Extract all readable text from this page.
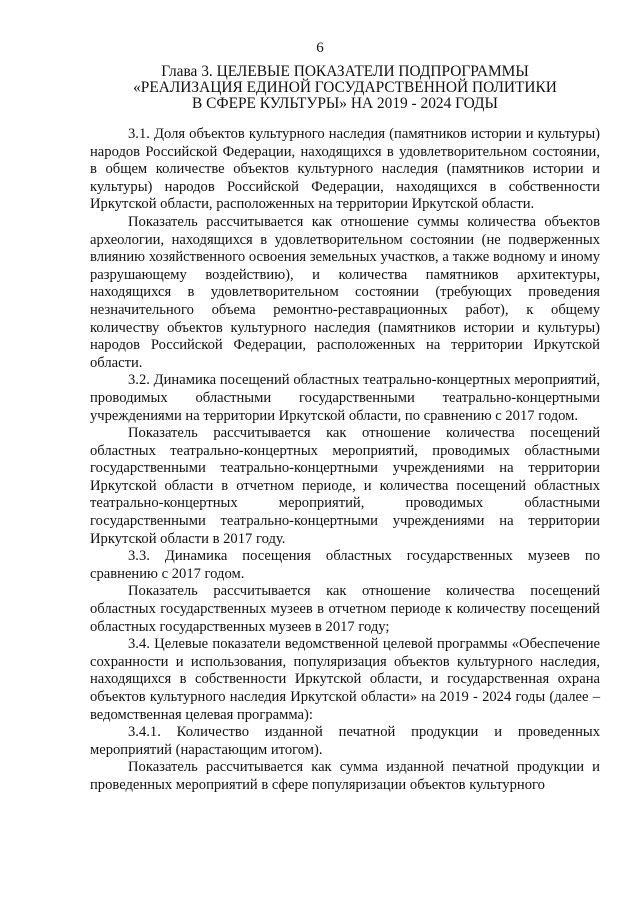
6
Глава 3. ЦЕЛЕВЫЕ ПОКАЗАТЕЛИ ПОДПРОГРАММЫ
«РЕАЛИЗАЦИЯ ЕДИНОЙ ГОСУДАРСТВЕННОЙ ПОЛИТИКИ
В СФЕРЕ КУЛЬТУРЫ» НА 2019 - 2024 ГОДЫ

3.1. Доля объектов культурного наследия (памятников истории и культуры) народов Российской Федерации, находящихся в удовлетворительном состоянии, в общем количестве объектов культурного наследия (памятников истории и культуры) народов Российской Федерации, находящихся в собственности Иркутской области, расположенных на территории Иркутской области.

Показатель рассчитывается как отношение суммы количества объектов археологии, находящихся в удовлетворительном состоянии (не подверженных влиянию хозяйственного освоения земельных участков, а также водному и иному разрушающему воздействию), и количества памятников архитектуры, находящихся в удовлетворительном состоянии (требующих проведения незначительного объема ремонтно-реставрационных работ), к общему количеству объектов культурного наследия (памятников истории и культуры) народов Российской Федерации, расположенных на территории Иркутской области.

3.2. Динамика посещений областных театрально-концертных мероприятий, проводимых областными государственными театрально-концертными учреждениями на территории Иркутской области, по сравнению с 2017 годом.

Показатель рассчитывается как отношение количества посещений областных театрально-концертных мероприятий, проводимых областными государственными театрально-концертными учреждениями на территории Иркутской области в отчетном периоде, и количества посещений областных театрально-концертных мероприятий, проводимых областными государственными театрально-концертными учреждениями на территории Иркутской области в 2017 году.

3.3. Динамика посещения областных государственных музеев по сравнению с 2017 годом.

Показатель рассчитывается как отношение количества посещений областных государственных музеев в отчетном периоде к количеству посещений областных государственных музеев в 2017 году;

3.4. Целевые показатели ведомственной целевой программы «Обеспечение сохранности и использования, популяризация объектов культурного наследия, находящихся в собственности Иркутской области, и государственная охрана объектов культурного наследия Иркутской области» на 2019 - 2024 годы (далее – ведомственная целевая программа):

3.4.1. Количество изданной печатной продукции и проведенных мероприятий (нарастающим итогом).

Показатель рассчитывается как сумма изданной печатной продукции и проведенных мероприятий в сфере популяризации объектов культурного
